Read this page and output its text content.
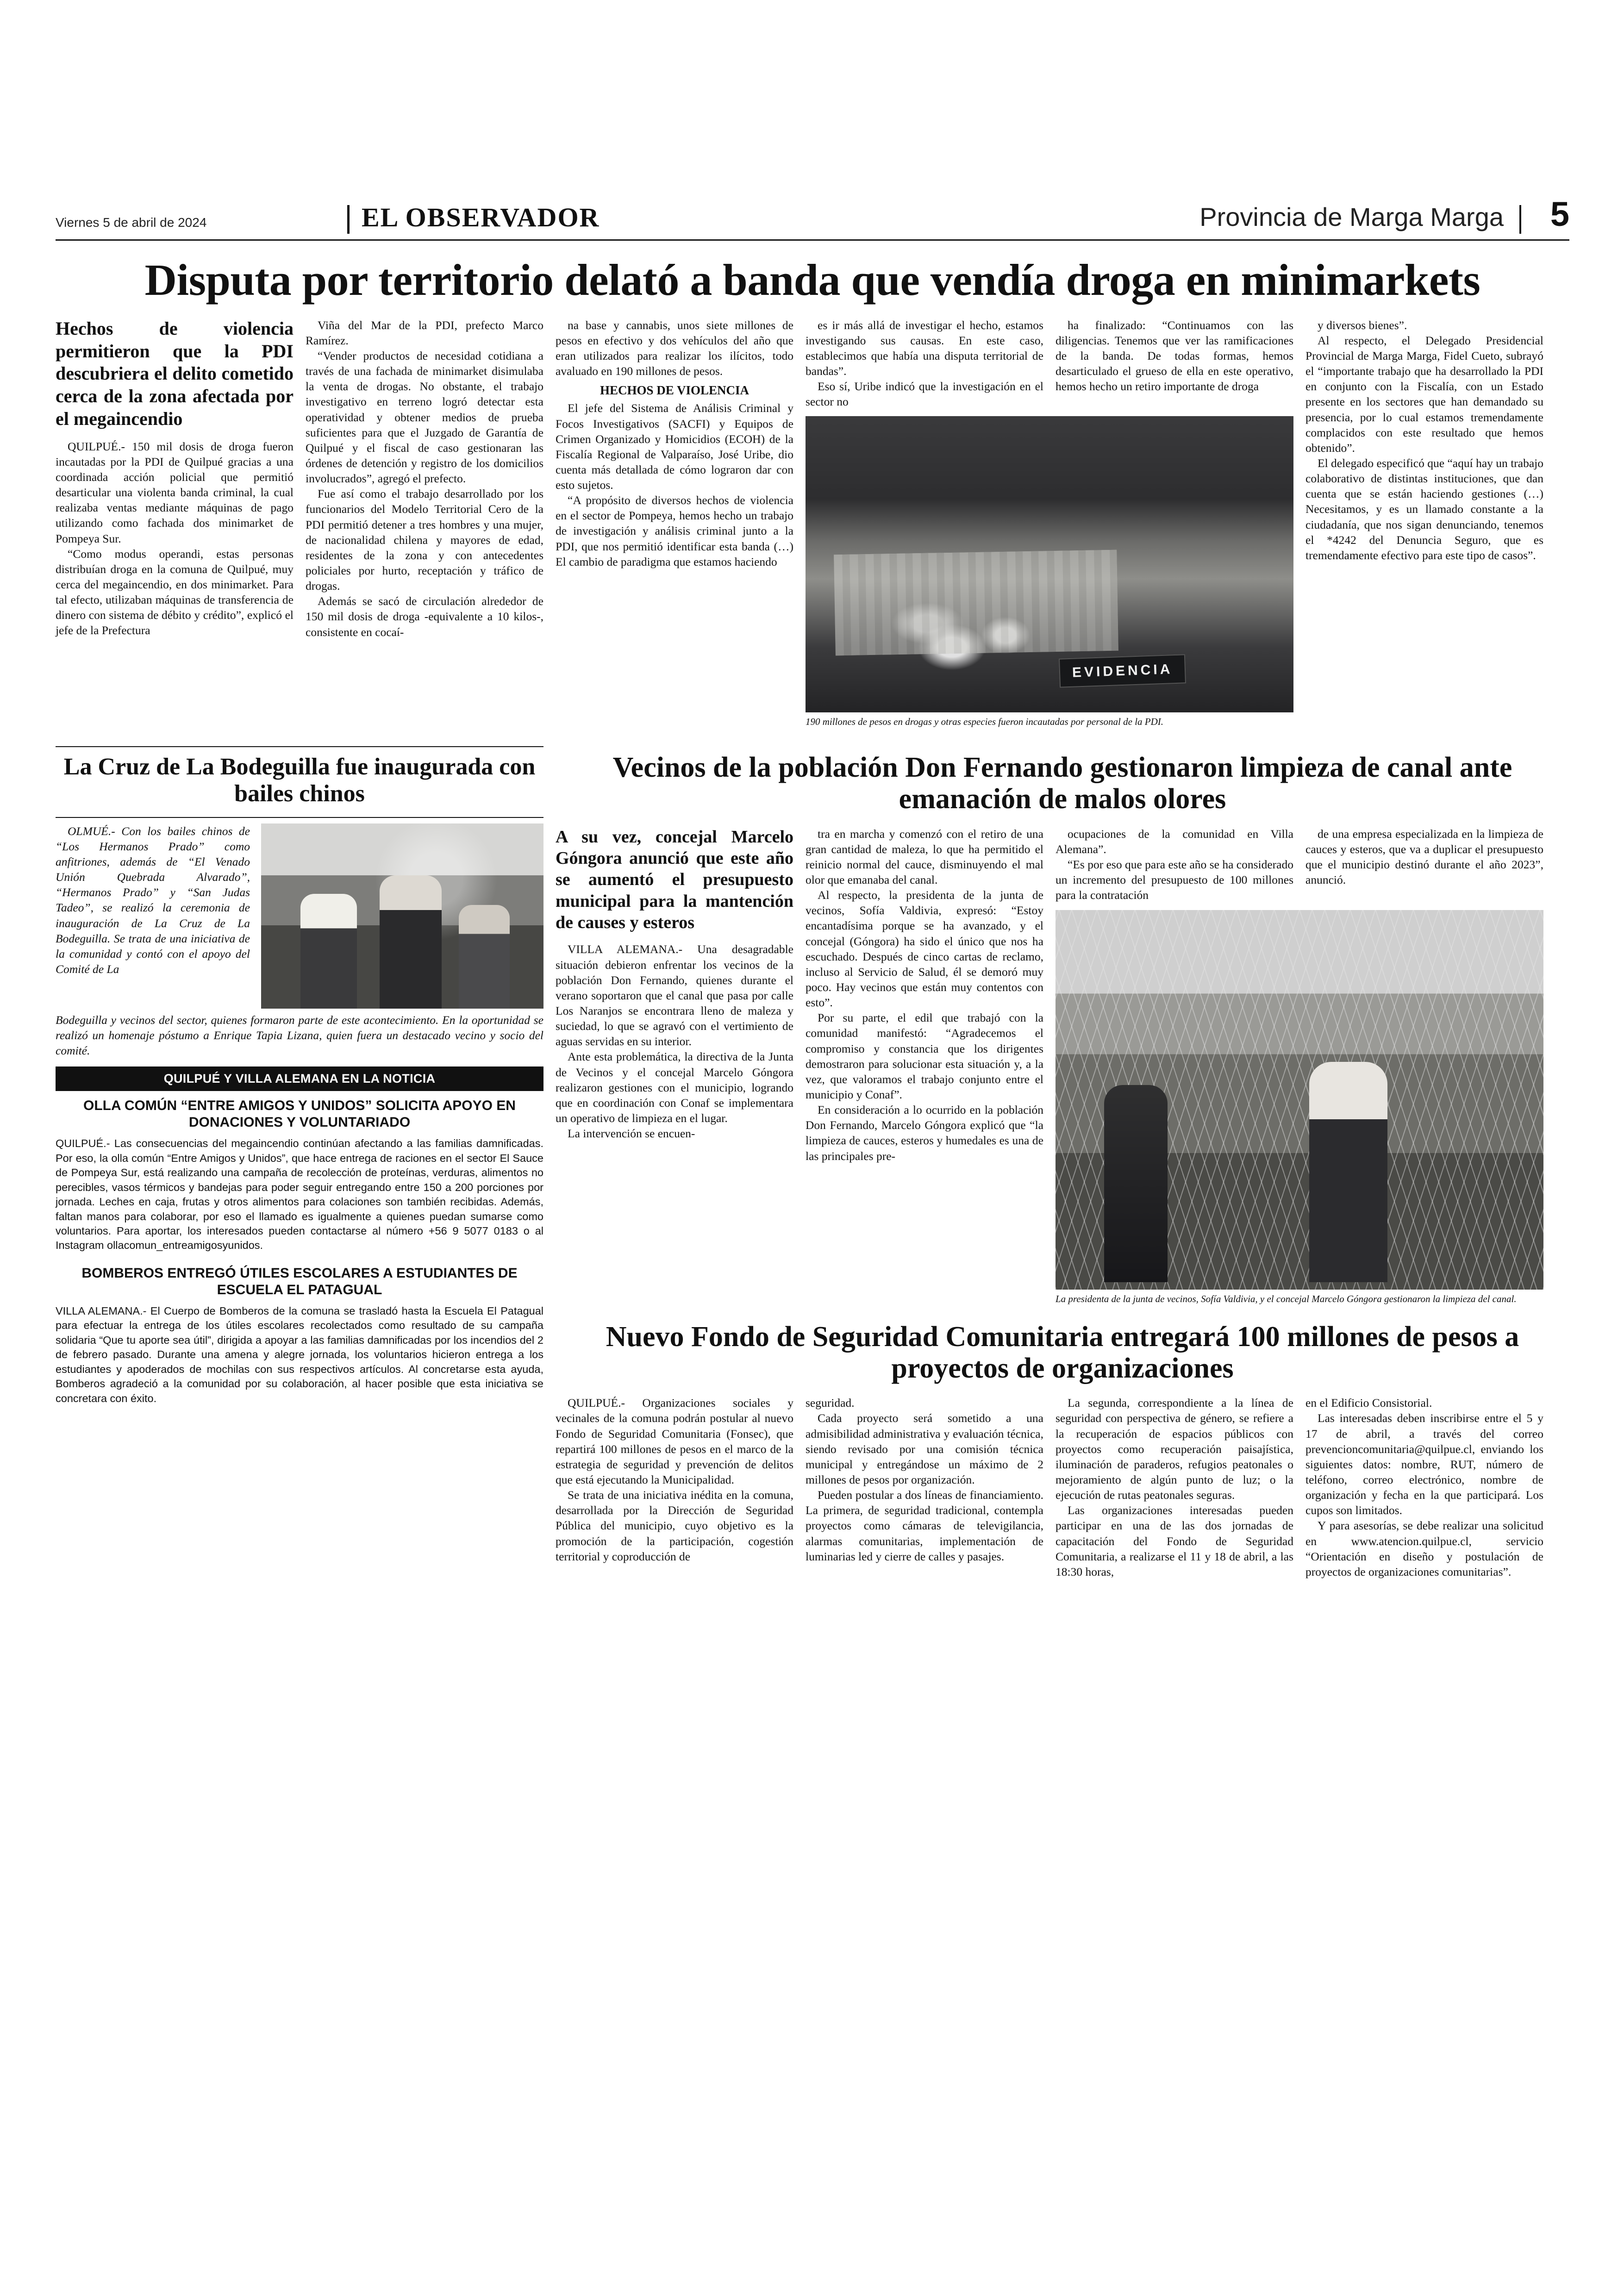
Viernes 5 de abril de 2024	EL OBSERVADOR	Provincia de Marga Marga	5
Disputa por territorio delató a banda que vendía droga en minimarkets
Hechos de violencia permitieron que la PDI descubriera el delito cometido cerca de la zona afectada por el megaincendio

QUILPUÉ.- 150 mil dosis de droga fueron incautadas por la PDI de Quilpué gracias a una coordinada acción policial que permitió desarticular una violenta banda criminal, la cual realizaba ventas mediante máquinas de pago utilizando como fachada dos minimarket de Pompeya Sur.

“Como modus operandi, estas personas distribuían droga en la comuna de Quilpué, muy cerca del megaincendio, en dos minimarket. Para tal efecto, utilizaban máquinas de transferencia de dinero con sistema de débito y crédito”, explicó el jefe de la Prefectura

Viña del Mar de la PDI, prefecto Marco Ramírez.

“Vender productos de necesidad cotidiana a través de una fachada de minimarket disimulaba la venta de drogas. No obstante, el trabajo investigativo en terreno logró detectar esta operatividad y obtener medios de prueba suficientes para que el Juzgado de Garantía de Quilpué y el fiscal de caso gestionaran las órdenes de detención y registro de los domicilios involucrados”, agregó el prefecto.

Fue así como el trabajo desarrollado por los funcionarios del Modelo Territorial Cero de la PDI permitió detener a tres hombres y una mujer, de nacionalidad chilena y mayores de edad, residentes de la zona y con antecedentes policiales por hurto, receptación y tráfico de drogas.

Además se sacó de circulación alrededor de 150 mil dosis de droga -equivalente a 10 kilos-, consistente en cocaí-

na base y cannabis, unos siete millones de pesos en efectivo y dos vehículos del año que eran utilizados para realizar los ilícitos, todo avaluado en 190 millones de pesos.

HECHOS DE VIOLENCIA

El jefe del Sistema de Análisis Criminal y Focos Investigativos (SACFI) y Equipos de Crimen Organizado y Homicidios (ECOH) de la Fiscalía Regional de Valparaíso, José Uribe, dio cuenta más detallada de cómo lograron dar con esto sujetos.

“A propósito de diversos hechos de violencia en el sector de Pompeya, hemos hecho un trabajo de investigación y análisis criminal junto a la PDI, que nos permitió identificar esta banda (…) El cambio de paradigma que estamos haciendo

es ir más allá de investigar el hecho, estamos investigando sus causas. En este caso, establecimos que había una disputa territorial de bandas”.

Eso sí, Uribe indicó que la investigación en el sector no

EVIDENCIA
190 millones de pesos en drogas y otras especies fueron incautadas por personal de la PDI.

ha finalizado: “Continuamos con las diligencias. Tenemos que ver las ramificaciones de la banda. De todas formas, hemos desarticulado el grueso de ella en este operativo, hemos hecho un retiro importante de droga

y diversos bienes”.

Al respecto, el Delegado Presidencial Provincial de Marga Marga, Fidel Cueto, subrayó el “importante trabajo que ha desarrollado la PDI en conjunto con la Fiscalía, con un Estado presente en los sectores que han demandado su presencia, por lo cual estamos tremendamente complacidos con este resultado que hemos obtenido”.

El delegado especificó que “aquí hay un trabajo colaborativo de distintas instituciones, que dan cuenta que se están haciendo gestiones (…) Necesitamos, y es un llamado constante a la ciudadanía, que nos sigan denunciando, tenemos el *4242 del Denuncia Seguro, que es tremendamente efectivo para este tipo de casos”.

La Cruz de La Bodeguilla fue inaugurada con bailes chinos

OLMUÉ.- Con los bailes chinos de “Los Hermanos Prado” como anfitriones, además de “El Venado Unión Quebrada Alvarado”, “Hermanos Prado” y “San Judas Tadeo”, se realizó la ceremonia de inauguración de La Cruz de La Bodeguilla. Se trata de una iniciativa de la comunidad y contó con el apoyo del Comité de La

Bodeguilla y vecinos del sector, quienes formaron parte de este acontecimiento. En la oportunidad se realizó un homenaje póstumo a Enrique Tapia Lizana, quien fuera un destacado vecino y socio del comité.

QUILPUÉ Y VILLA ALEMANA EN LA NOTICIA
OLLA COMÚN “ENTRE AMIGOS Y UNIDOS” SOLICITA APOYO EN DONACIONES Y VOLUNTARIADO

QUILPUÉ.- Las consecuencias del megaincendio continúan afectando a las familias damnificadas. Por eso, la olla común “Entre Amigos y Unidos”, que hace entrega de raciones en el sector El Sauce de Pompeya Sur, está realizando una campaña de recolección de proteínas, verduras, alimentos no perecibles, vasos térmicos y bandejas para poder seguir entregando entre 150 a 200 porciones por jornada. Leches en caja, frutas y otros alimentos para colaciones son también recibidas. Además, faltan manos para colaborar, por eso el llamado es igualmente a quienes puedan sumarse como voluntarios. Para aportar, los interesados pueden contactarse al número +56 9 5077 0183 o al Instagram ollacomun_entreamigosyunidos.

BOMBEROS ENTREGÓ ÚTILES ESCOLARES A ESTUDIANTES DE ESCUELA EL PATAGUAL

VILLA ALEMANA.- El Cuerpo de Bomberos de la comuna se trasladó hasta la Escuela El Patagual para efectuar la entrega de los útiles escolares recolectados como resultado de su campaña solidaria “Que tu aporte sea útil”, dirigida a apoyar a las familias damnificadas por los incendios del 2 de febrero pasado. Durante una amena y alegre jornada, los voluntarios hicieron entrega a los estudiantes y apoderados de mochilas con sus respectivos artículos. Al concretarse esta ayuda, Bomberos agradeció a la comunidad por su colaboración, al hacer posible que esta iniciativa se concretara con éxito.

Vecinos de la población Don Fernando gestionaron limpieza de canal ante emanación de malos olores
A su vez, concejal Marcelo Góngora anunció que este año se aumentó el presupuesto municipal para la mantención de causes y esteros

VILLA ALEMANA.- Una desagradable situación debieron enfrentar los vecinos de la población Don Fernando, quienes durante el verano soportaron que el canal que pasa por calle Los Naranjos se encontrara lleno de maleza y suciedad, lo que se agravó con el vertimiento de aguas servidas en su interior.

Ante esta problemática, la directiva de la Junta de Vecinos y el concejal Marcelo Góngora realizaron gestiones con el municipio, logrando que en coordinación con Conaf se implementara un operativo de limpieza en el lugar.

La intervención se encuen-

tra en marcha y comenzó con el retiro de una gran cantidad de maleza, lo que ha permitido el reinicio normal del cauce, disminuyendo el mal olor que emanaba del canal.

Al respecto, la presidenta de la junta de vecinos, Sofía Valdivia, expresó: “Estoy encantadísima porque se ha avanzado, y el concejal (Góngora) ha sido el único que nos ha escuchado. Después de cinco cartas de reclamo, incluso al Servicio de Salud, él se demoró muy poco. Hay vecinos que están muy contentos con esto”.

Por su parte, el edil que trabajó con la comunidad manifestó: “Agradecemos el compromiso y constancia que los dirigentes demostraron para solucionar esta situación y, a la vez, que valoramos el trabajo conjunto entre el municipio y Conaf”.

En consideración a lo ocurrido en la población Don Fernando, Marcelo Góngora explicó que “la limpieza de cauces, esteros y humedales es una de las principales pre-

ocupaciones de la comunidad en Villa Alemana”.

“Es por eso que para este año se ha considerado un incremento del presupuesto de 100 millones para la contratación

La presidenta de la junta de vecinos, Sofía Valdivia, y el concejal Marcelo Góngora gestionaron la limpieza del canal.

de una empresa especializada en la limpieza de cauces y esteros, que va a duplicar el presupuesto que el municipio destinó durante el año 2023”, anunció.

Nuevo Fondo de Seguridad Comunitaria entregará 100 millones de pesos a proyectos de organizaciones

QUILPUÉ.- Organizaciones sociales y vecinales de la comuna podrán postular al nuevo Fondo de Seguridad Comunitaria (Fonsec), que repartirá 100 millones de pesos en el marco de la estrategia de seguridad y prevención de delitos que está ejecutando la Municipalidad.

Se trata de una iniciativa inédita en la comuna, desarrollada por la Dirección de Seguridad Pública del municipio, cuyo objetivo es la promoción de la participación, cogestión territorial y coproducción de

seguridad.

Cada proyecto será sometido a una admisibilidad administrativa y evaluación técnica, siendo revisado por una comisión técnica municipal y entregándose un máximo de 2 millones de pesos por organización.

Pueden postular a dos líneas de financiamiento. La primera, de seguridad tradicional, contempla proyectos como cámaras de televigilancia, alarmas comunitarias, implementación de luminarias led y cierre de calles y pasajes.

La segunda, correspondiente a la línea de seguridad con perspectiva de género, se refiere a la recuperación de espacios públicos con proyectos como recuperación paisajística, iluminación de paraderos, refugios peatonales o mejoramiento de algún punto de luz; o la ejecución de rutas peatonales seguras.

Las organizaciones interesadas pueden participar en una de las dos jornadas de capacitación del Fondo de Seguridad Comunitaria, a realizarse el 11 y 18 de abril, a las 18:30 horas,

en el Edificio Consistorial.

Las interesadas deben inscribirse entre el 5 y 17 de abril, a través del correo prevencioncomunitaria@quilpue.cl, enviando los siguientes datos: nombre, RUT, número de teléfono, correo electrónico, nombre de organización y fecha en la que participará. Los cupos son limitados.

Y para asesorías, se debe realizar una solicitud en www.atencion.quilpue.cl, servicio “Orientación en diseño y postulación de proyectos de organizaciones comunitarias”.
